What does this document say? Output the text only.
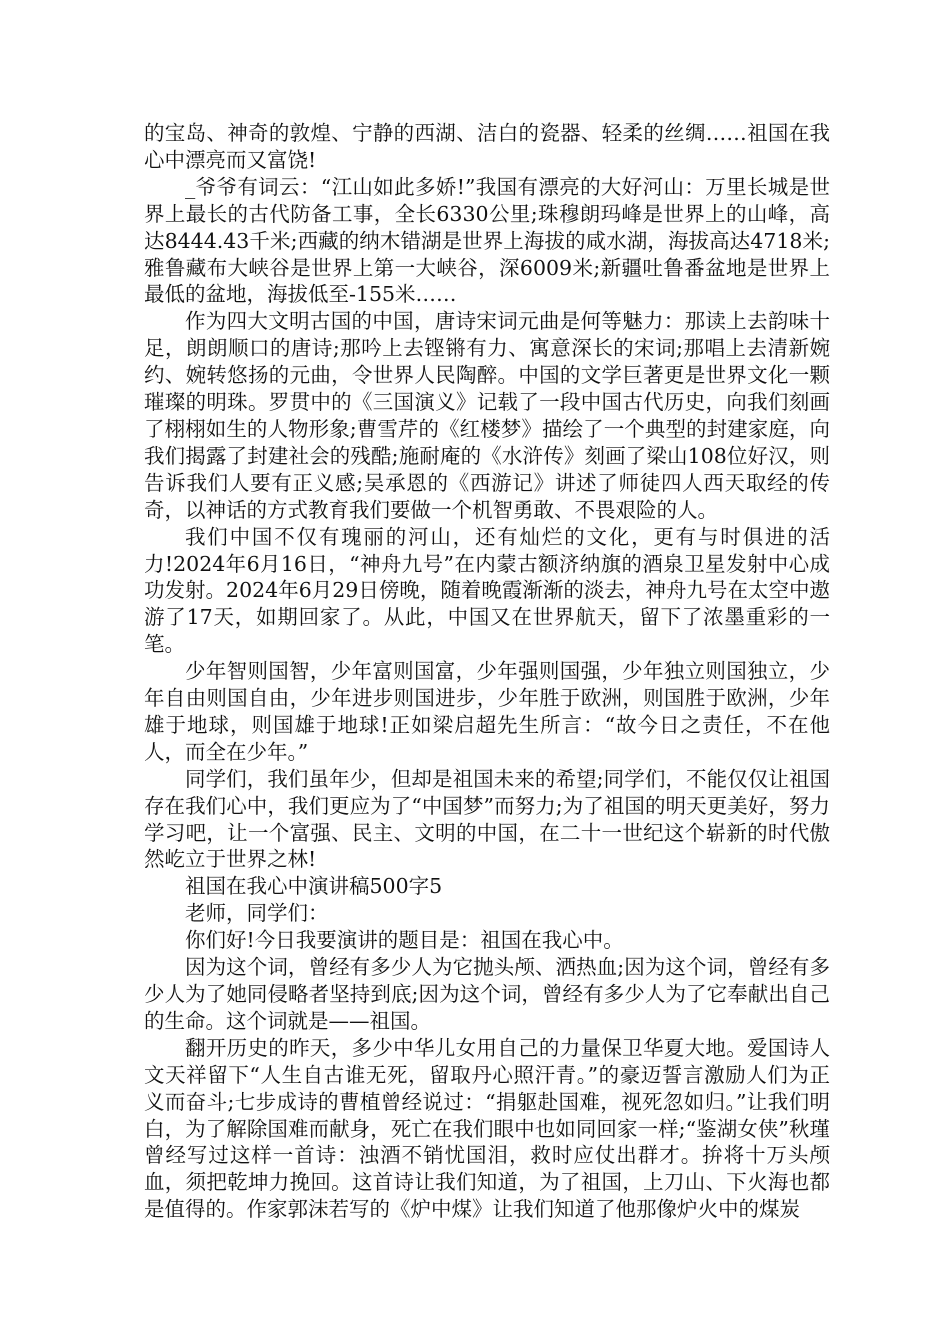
的宝岛、神奇的敦煌、宁静的西湖、洁白的瓷器、轻柔的丝绸……祖国在我心中漂亮而又富饶!

_爷爷有词云：“江山如此多娇!”我国有漂亮的大好河山：万里长城是世界上最长的古代防备工事，全长6330公里;珠穆朗玛峰是世界上的山峰，高达8444.43千米;西藏的纳木错湖是世界上海拔的咸水湖，海拔高达4718米;雅鲁藏布大峡谷是世界上第一大峡谷，深6009米;新疆吐鲁番盆地是世界上最低的盆地，海拔低至-155米……

作为四大文明古国的中国，唐诗宋词元曲是何等魅力：那读上去韵味十足，朗朗顺口的唐诗;那吟上去铿锵有力、寓意深长的宋词;那唱上去清新婉约、婉转悠扬的元曲，令世界人民陶醉。中国的文学巨著更是世界文化一颗璀璨的明珠。罗贯中的《三国演义》记载了一段中国古代历史，向我们刻画了栩栩如生的人物形象;曹雪芹的《红楼梦》描绘了一个典型的封建家庭，向我们揭露了封建社会的残酷;施耐庵的《水浒传》刻画了梁山108位好汉，则告诉我们人要有正义感;吴承恩的《西游记》讲述了师徒四人西天取经的传奇，以神话的方式教育我们要做一个机智勇敢、不畏艰险的人。

我们中国不仅有瑰丽的河山，还有灿烂的文化，更有与时俱进的活力!2024年6月16日，“神舟九号”在内蒙古额济纳旗的酒泉卫星发射中心成功发射。2024年6月29日傍晚，随着晚霞渐渐的淡去，神舟九号在太空中遨游了17天，如期回家了。从此，中国又在世界航天，留下了浓墨重彩的一笔。

少年智则国智，少年富则国富，少年强则国强，少年独立则国独立，少年自由则国自由，少年进步则国进步，少年胜于欧洲，则国胜于欧洲，少年雄于地球，则国雄于地球!正如梁启超先生所言：“故今日之责任，不在他人，而全在少年。”

同学们，我们虽年少，但却是祖国未来的希望;同学们，不能仅仅让祖国存在我们心中，我们更应为了“中国梦”而努力;为了祖国的明天更美好，努力学习吧，让一个富强、民主、文明的中国，在二十一世纪这个崭新的时代傲然屹立于世界之林!

祖国在我心中演讲稿500字5

老师，同学们：

你们好!今日我要演讲的题目是：祖国在我心中。

因为这个词，曾经有多少人为它抛头颅、洒热血;因为这个词，曾经有多少人为了她同侵略者坚持到底;因为这个词，曾经有多少人为了它奉献出自己的生命。这个词就是——祖国。

翻开历史的昨天，多少中华儿女用自己的力量保卫华夏大地。爱国诗人文天祥留下“人生自古谁无死，留取丹心照汗青。”的豪迈誓言激励人们为正义而奋斗;七步成诗的曹植曾经说过：“捐躯赴国难，视死忽如归。”让我们明白，为了解除国难而献身，死亡在我们眼中也如同回家一样;“鉴湖女侠”秋瑾曾经写过这样一首诗：浊酒不销忧国泪，救时应仗出群才。拚将十万头颅血，须把乾坤力挽回。这首诗让我们知道，为了祖国，上刀山、下火海也都是值得的。作家郭沫若写的《炉中煤》让我们知道了他那像炉火中的煤炭
